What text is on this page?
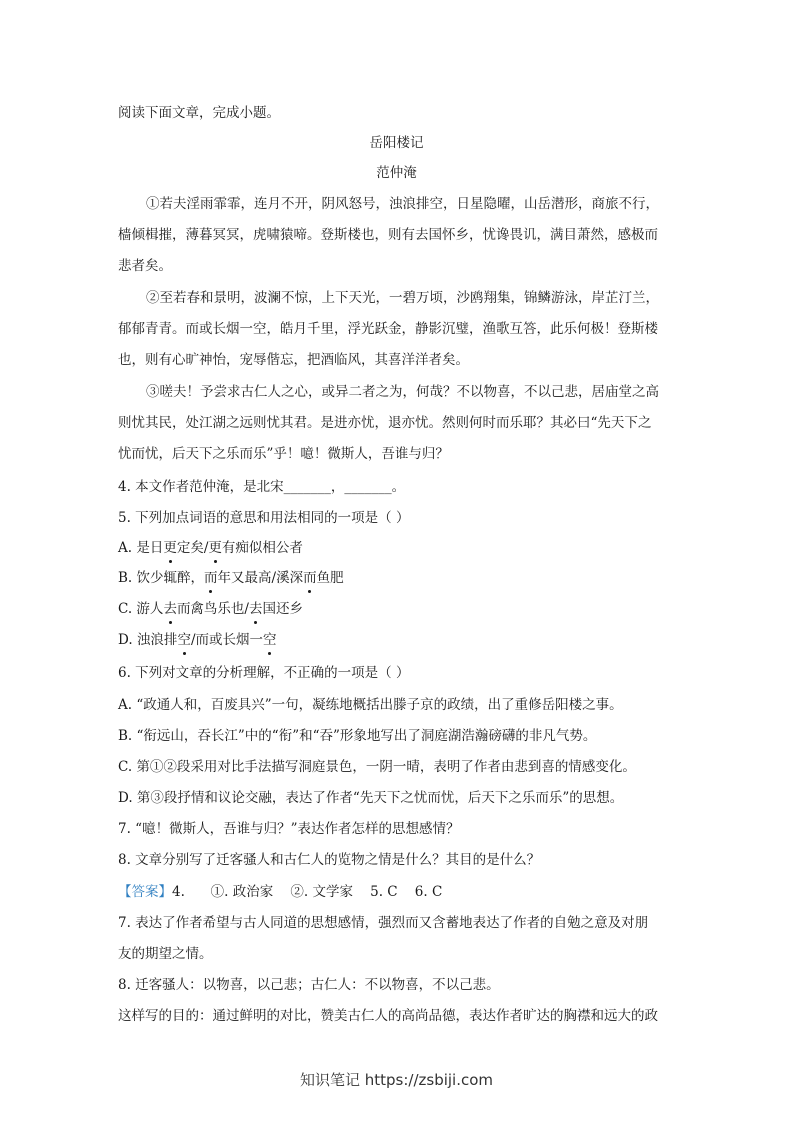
阅读下面文章，完成小题。
岳阳楼记
范仲淹
①若夫淫雨霏霏，连月不开，阴风怒号，浊浪排空，日星隐曜，山岳潜形，商旅不行，
樯倾楫摧，薄暮冥冥，虎啸猿啼。登斯楼也，则有去国怀乡，忧谗畏讥，满目萧然，感极而
悲者矣。
②至若春和景明，波澜不惊，上下天光，一碧万顷，沙鸥翔集，锦鳞游泳，岸芷汀兰，
郁郁青青。而或长烟一空，皓月千里，浮光跃金，静影沉璧，渔歌互答，此乐何极！登斯楼
也，则有心旷神怡，宠辱偕忘，把酒临风，其喜洋洋者矣。
③嗟夫！予尝求古仁人之心，或异二者之为，何哉？不以物喜，不以己悲，居庙堂之高
则忧其民，处江湖之远则忧其君。是进亦忧，退亦忧。然则何时而乐耶？其必曰“先天下之
忧而忧，后天下之乐而乐”乎！噫！微斯人，吾谁与归？
4. 本文作者范仲淹，是北宋_______，_______。
5. 下列加点词语的意思和用法相同的一项是（ ）
A. 是日更定矣/更有痴似相公者
B. 饮少辄醉，而年又最高/溪深而鱼肥
C. 游人去而禽鸟乐也/去国还乡
D. 浊浪排空/而或长烟一空
6. 下列对文章的分析理解，不正确的一项是（ ）
A. “政通人和，百废具兴”一句，凝练地概括出滕子京的政绩，出了重修岳阳楼之事。
B. “衔远山，吞长江”中的“衔”和“吞”形象地写出了洞庭湖浩瀚磅礴的非凡气势。
C. 第①②段采用对比手法描写洞庭景色，一阴一晴，表明了作者由悲到喜的情感变化。
D. 第③段抒情和议论交融，表达了作者“先天下之忧而忧，后天下之乐而乐”的思想。
7. “噫！微斯人，吾谁与归？”表达作者怎样的思想感情？
8. 文章分别写了迁客骚人和古仁人的览物之情是什么？其目的是什么？
【答案】4.      ①. 政治家    ②. 文学家    5. C    6. C
7. 表达了作者希望与古人同道的思想感情，强烈而又含蓄地表达了作者的自勉之意及对朋
友的期望之情。
8. 迁客骚人：以物喜，以己悲；古仁人：不以物喜，不以己悲。
这样写的目的：通过鲜明的对比，赞美古仁人的高尚品德，表达作者旷达的胸襟和远大的政
知识笔记 https://zsbiji.com
